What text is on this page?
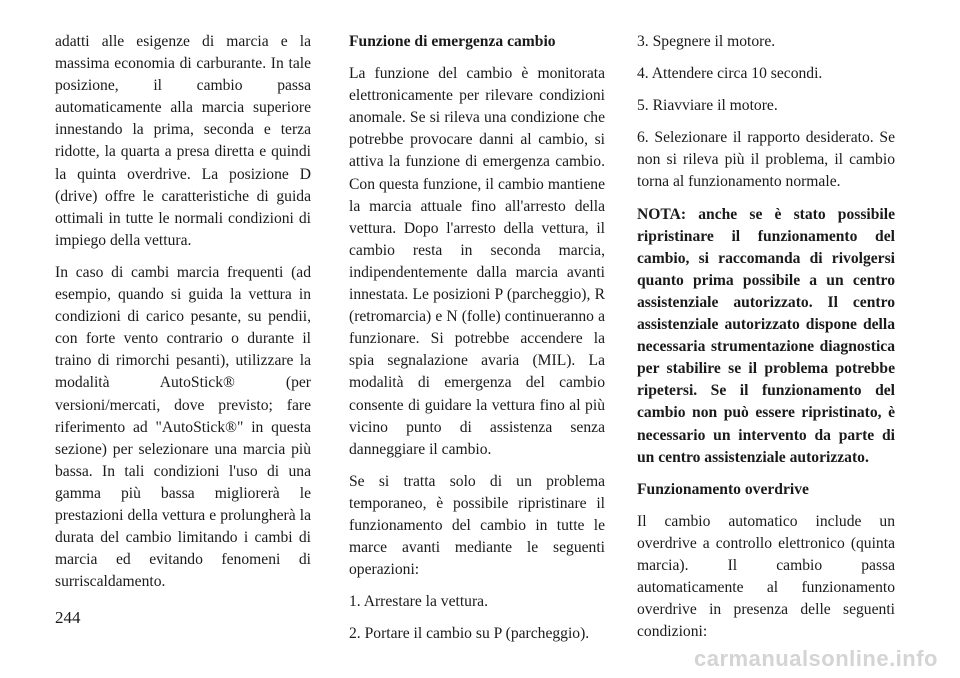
adatti alle esigenze di marcia e la massima economia di carburante. In tale posizione, il cambio passa automaticamente alla marcia superiore innestando la prima, seconda e terza ridotte, la quarta a presa diretta e quindi la quinta overdrive. La posizione D (drive) offre le caratteristiche di guida ottimali in tutte le normali condizioni di impiego della vettura.

In caso di cambi marcia frequenti (ad esempio, quando si guida la vettura in condizioni di carico pesante, su pendii, con forte vento contrario o durante il traino di rimorchi pesanti), utilizzare la modalità AutoStick® (per versioni/mercati, dove previsto; fare riferimento ad "AutoStick®" in questa sezione) per selezionare una marcia più bassa. In tali condizioni l'uso di una gamma più bassa migliorerà le prestazioni della vettura e prolungherà la durata del cambio limitando i cambi di marcia ed evitando fenomeni di surriscaldamento.

Funzione di emergenza cambio

La funzione del cambio è monitorata elettronicamente per rilevare condizioni anomale. Se si rileva una condizione che potrebbe provocare danni al cambio, si attiva la funzione di emergenza cambio. Con questa funzione, il cambio mantiene la marcia attuale fino all'arresto della vettura. Dopo l'arresto della vettura, il cambio resta in seconda marcia, indipendentemente dalla marcia avanti innestata. Le posizioni P (parcheggio), R (retromarcia) e N (folle) continueranno a funzionare. Si potrebbe accendere la spia segnalazione avaria (MIL). La modalità di emergenza del cambio consente di guidare la vettura fino al più vicino punto di assistenza senza danneggiare il cambio.

Se si tratta solo di un problema temporaneo, è possibile ripristinare il funzionamento del cambio in tutte le marce avanti mediante le seguenti operazioni:

1. Arrestare la vettura.

2. Portare il cambio su P (parcheggio).

3. Spegnere il motore.

4. Attendere circa 10 secondi.

5. Riavviare il motore.

6. Selezionare il rapporto desiderato. Se non si rileva più il problema, il cambio torna al funzionamento normale.

NOTA: anche se è stato possibile ripristinare il funzionamento del cambio, si raccomanda di rivolgersi quanto prima possibile a un centro assistenziale autorizzato. Il centro assistenziale autorizzato dispone della necessaria strumentazione diagnostica per stabilire se il problema potrebbe ripetersi. Se il funzionamento del cambio non può essere ripristinato, è necessario un intervento da parte di un centro assistenziale autorizzato.

Funzionamento overdrive

Il cambio automatico include un overdrive a controllo elettronico (quinta marcia). Il cambio passa automaticamente al funzionamento overdrive in presenza delle seguenti condizioni:

244
carmanualsonline.info
